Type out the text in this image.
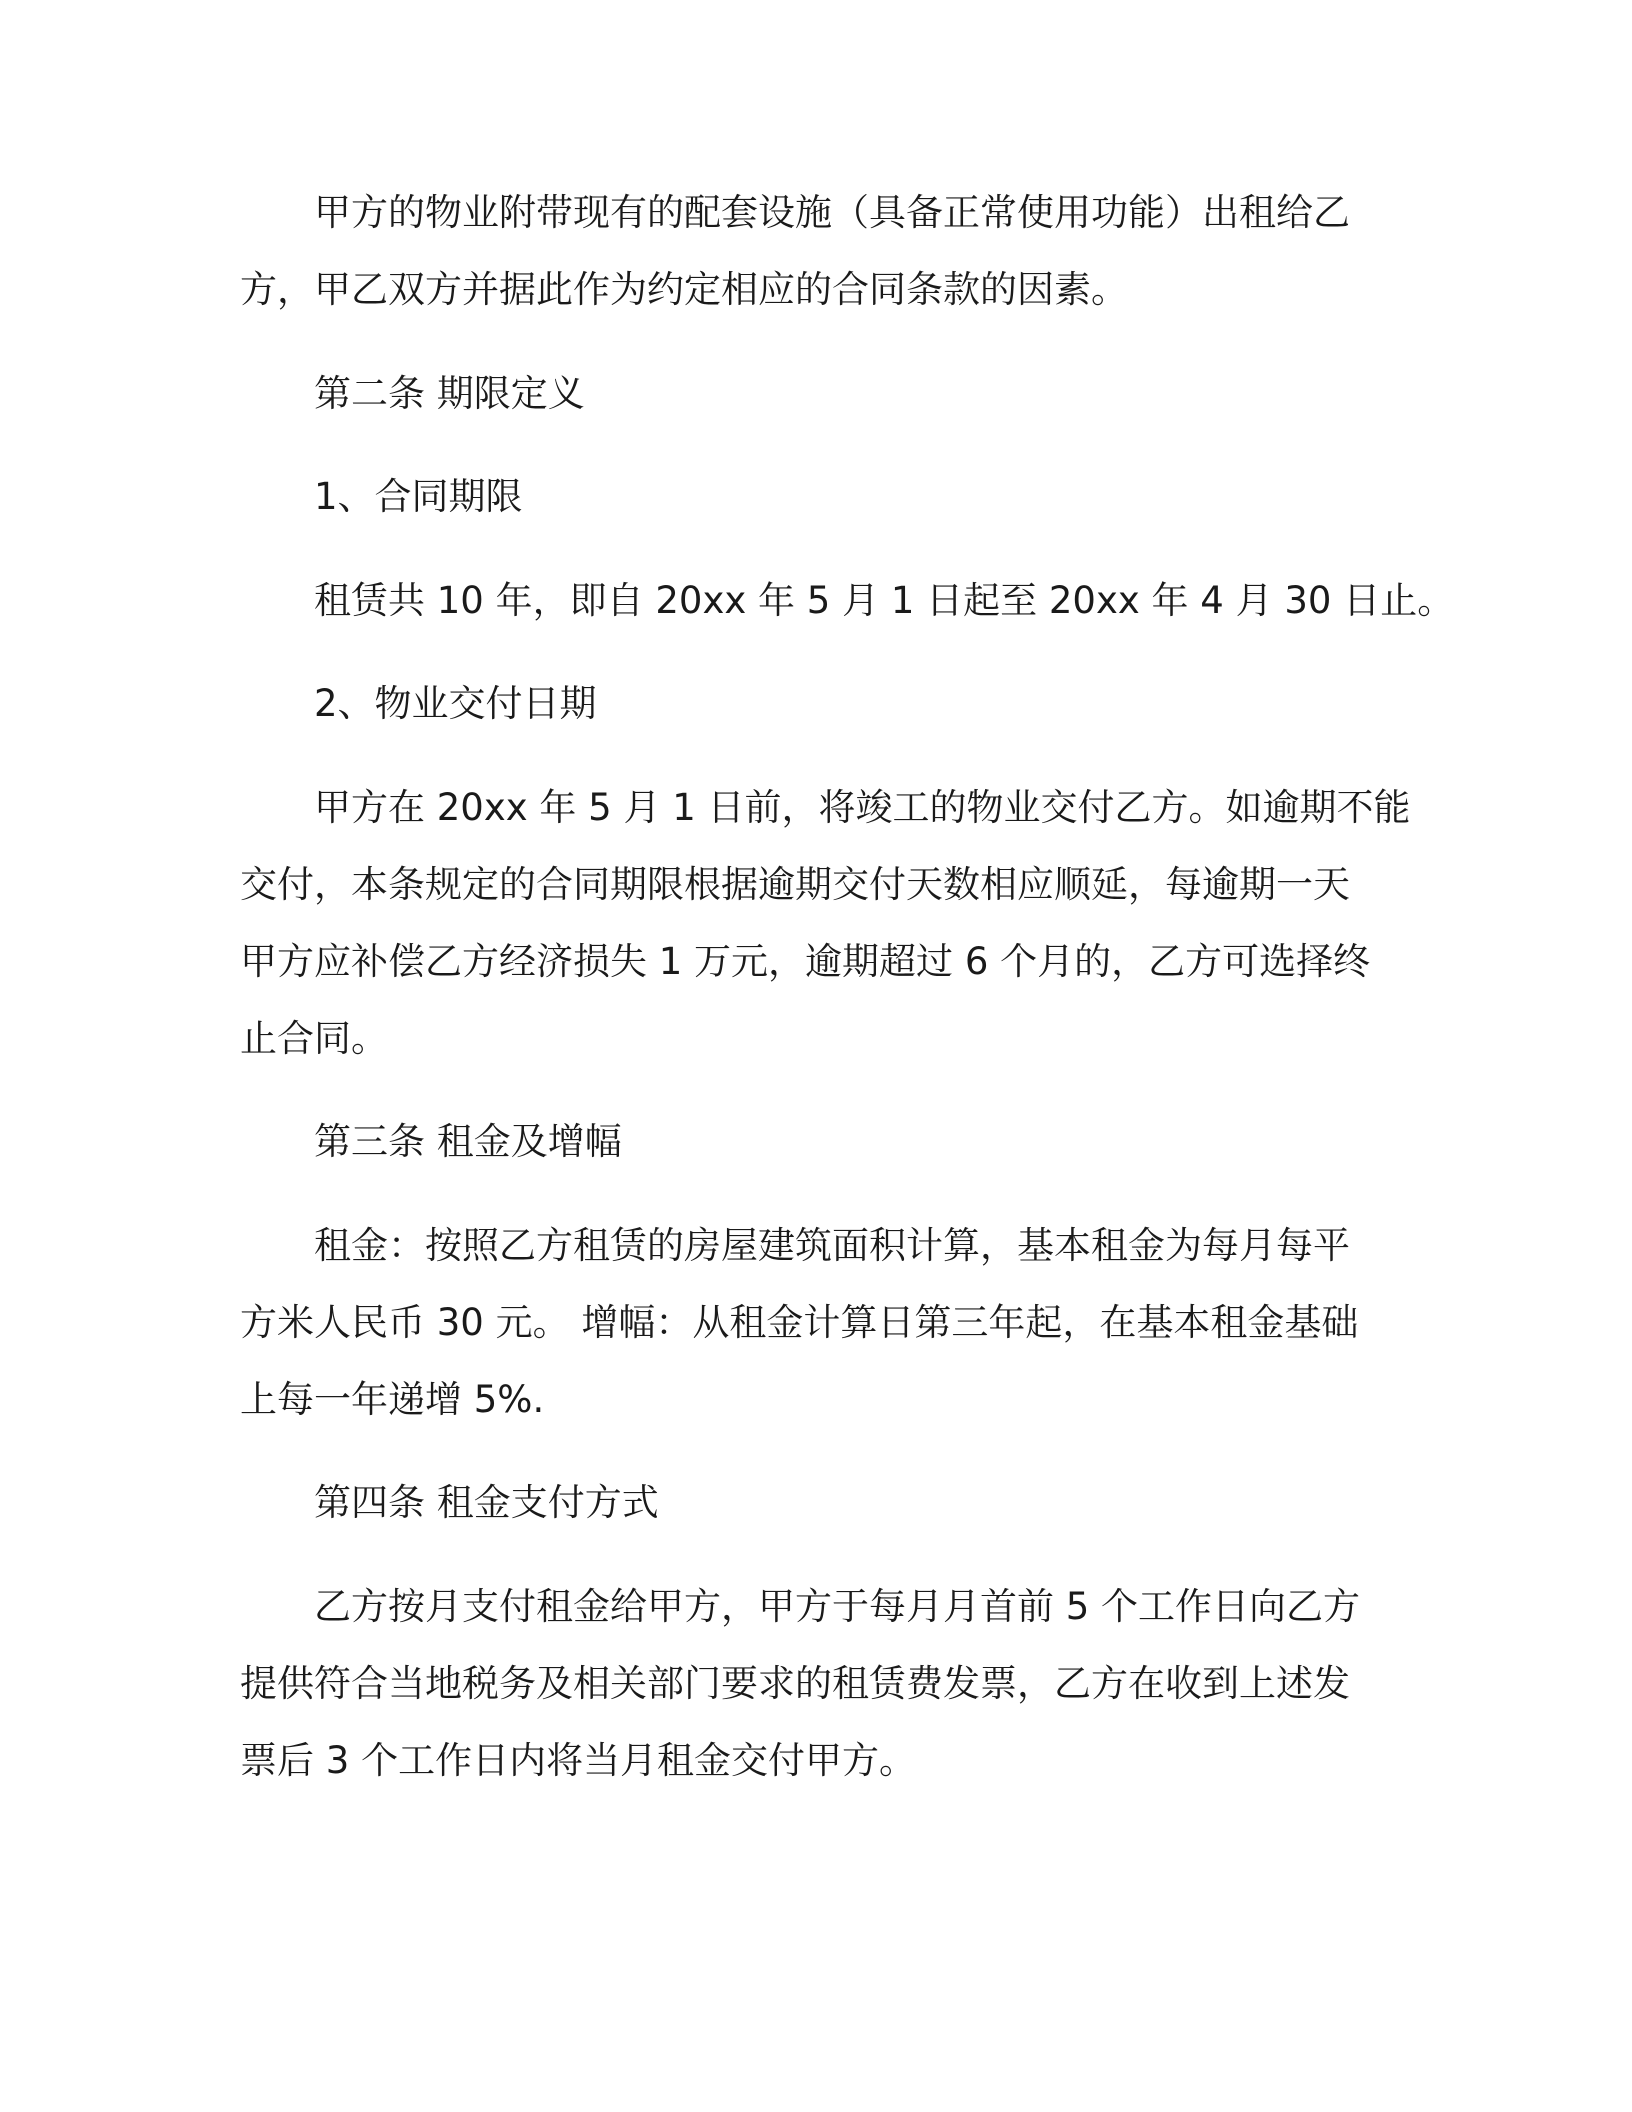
甲方的物业附带现有的配套设施（具备正常使用功能）出租给乙
方，甲乙双方并据此作为约定相应的合同条款的因素。
第二条 期限定义
1、合同期限
租赁共 10 年，即自 20xx 年 5 月 1 日起至 20xx 年 4 月 30 日止。
2、物业交付日期
甲方在 20xx 年 5 月 1 日前，将竣工的物业交付乙方。如逾期不能
交付，本条规定的合同期限根据逾期交付天数相应顺延，每逾期一天
甲方应补偿乙方经济损失 1 万元，逾期超过 6 个月的，乙方可选择终
止合同。
第三条 租金及增幅
租金：按照乙方租赁的房屋建筑面积计算，基本租金为每月每平
方米人民币 30 元。 增幅：从租金计算日第三年起，在基本租金基础
上每一年递增 5%.
第四条 租金支付方式
乙方按月支付租金给甲方，甲方于每月月首前 5 个工作日向乙方
提供符合当地税务及相关部门要求的租赁费发票，乙方在收到上述发
票后 3 个工作日内将当月租金交付甲方。
